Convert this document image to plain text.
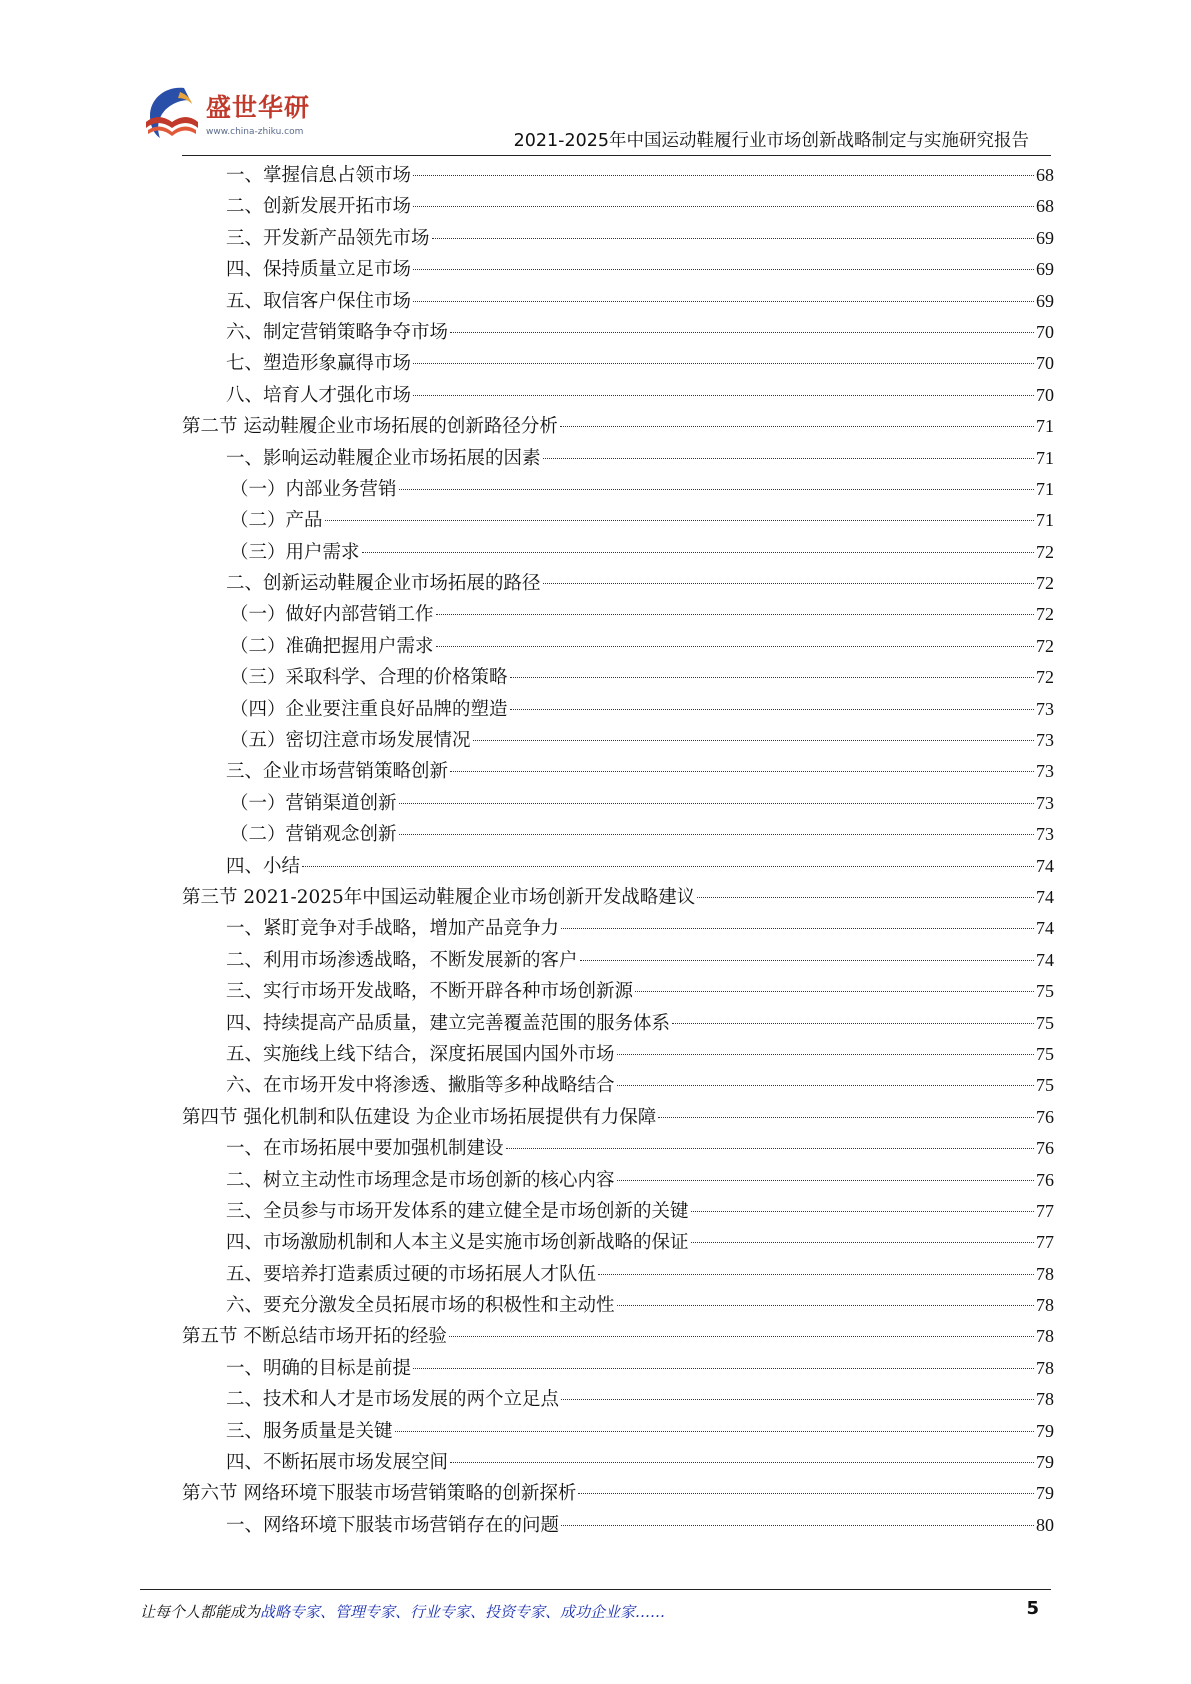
盛世华研
www.china-zhiku.com	2021-2025年中国运动鞋履行业市场创新战略制定与实施研究报告
一、掌握信息占领市场	68
二、创新发展开拓市场	68
三、开发新产品领先市场	69
四、保持质量立足市场	69
五、取信客户保住市场	69
六、制定营销策略争夺市场	70
七、塑造形象赢得市场	70
八、培育人才强化市场	70
第二节 运动鞋履企业市场拓展的创新路径分析	71
一、影响运动鞋履企业市场拓展的因素	71
（一）内部业务营销	71
（二）产品	71
（三）用户需求	72
二、创新运动鞋履企业市场拓展的路径	72
（一）做好内部营销工作	72
（二）准确把握用户需求	72
（三）采取科学、合理的价格策略	72
（四）企业要注重良好品牌的塑造	73
（五）密切注意市场发展情况	73
三、企业市场营销策略创新	73
（一）营销渠道创新	73
（二）营销观念创新	73
四、小结	74
第三节 2021-2025年中国运动鞋履企业市场创新开发战略建议	74
一、紧盯竞争对手战略，增加产品竞争力	74
二、利用市场渗透战略，不断发展新的客户	74
三、实行市场开发战略，不断开辟各种市场创新源	75
四、持续提高产品质量，建立完善覆盖范围的服务体系	75
五、实施线上线下结合，深度拓展国内国外市场	75
六、在市场开发中将渗透、撇脂等多种战略结合	75
第四节 强化机制和队伍建设 为企业市场拓展提供有力保障	76
一、在市场拓展中要加强机制建设	76
二、树立主动性市场理念是市场创新的核心内容	76
三、全员参与市场开发体系的建立健全是市场创新的关键	77
四、市场激励机制和人本主义是实施市场创新战略的保证	77
五、要培养打造素质过硬的市场拓展人才队伍	78
六、要充分激发全员拓展市场的积极性和主动性	78
第五节 不断总结市场开拓的经验	78
一、明确的目标是前提	78
二、技术和人才是市场发展的两个立足点	78
三、服务质量是关键	79
四、不断拓展市场发展空间	79
第六节 网络环境下服装市场营销策略的创新探析	79
一、网络环境下服装市场营销存在的问题	80
让每个人都能成为战略专家、管理专家、行业专家、投资专家、成功企业家……	5
